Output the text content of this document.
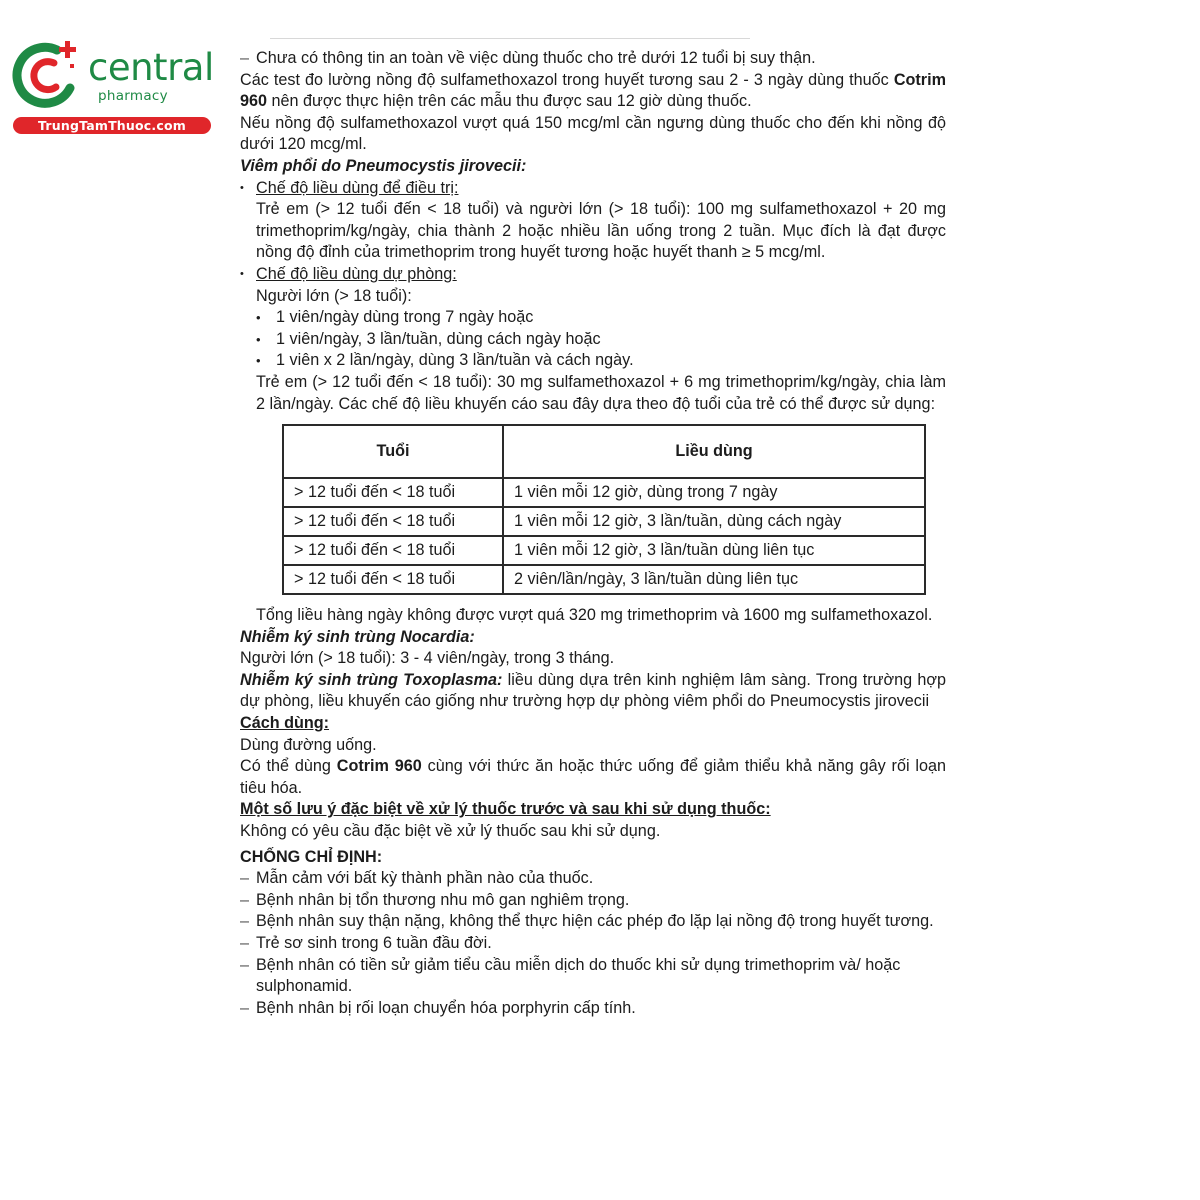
central
pharmacy
TrungTamThuoc.com

– Chưa có thông tin an toàn về việc dùng thuốc cho trẻ dưới 12 tuổi bị suy thận.

Các test đo lường nồng độ sulfamethoxazol trong huyết tương sau 2 - 3 ngày dùng thuốc Cotrim 960 nên được thực hiện trên các mẫu thu được sau 12 giờ dùng thuốc.

Nếu nồng độ sulfamethoxazol vượt quá 150 mcg/ml cần ngưng dùng thuốc cho đến khi nồng độ dưới 120 mcg/ml.

Viêm phổi do Pneumocystis jirovecii:

• Chế độ liều dùng để điều trị:

Trẻ em (> 12 tuổi đến < 18 tuổi) và người lớn (> 18 tuổi): 100 mg sulfamethoxazol + 20 mg trimethoprim/kg/ngày, chia thành 2 hoặc nhiều lần uống trong 2 tuần. Mục đích là đạt được nồng độ đỉnh của trimethoprim trong huyết tương hoặc huyết thanh ≥ 5 mcg/ml.

• Chế độ liều dùng dự phòng:

Người lớn (> 18 tuổi):

• 1 viên/ngày dùng trong 7 ngày hoặc

• 1 viên/ngày, 3 lần/tuần, dùng cách ngày hoặc

• 1 viên x 2 lần/ngày, dùng 3 lần/tuần và cách ngày.

Trẻ em (> 12 tuổi đến < 18 tuổi): 30 mg sulfamethoxazol + 6 mg trimethoprim/kg/ngày, chia làm 2 lần/ngày. Các chế độ liều khuyến cáo sau đây dựa theo độ tuổi của trẻ có thể được sử dụng:

Tuổi	Liều dùng
> 12 tuổi đến < 18 tuổi	1 viên mỗi 12 giờ, dùng trong 7 ngày
> 12 tuổi đến < 18 tuổi	1 viên mỗi 12 giờ, 3 lần/tuần, dùng cách ngày
> 12 tuổi đến < 18 tuổi	1 viên mỗi 12 giờ, 3 lần/tuần dùng liên tục
> 12 tuổi đến < 18 tuổi	2 viên/lần/ngày, 3 lần/tuần dùng liên tục

Tổng liều hàng ngày không được vượt quá 320 mg trimethoprim và 1600 mg sulfamethoxazol.

Nhiễm ký sinh trùng Nocardia:

Người lớn (> 18 tuổi): 3 - 4 viên/ngày, trong 3 tháng.

Nhiễm ký sinh trùng Toxoplasma: liều dùng dựa trên kinh nghiệm lâm sàng. Trong trường hợp dự phòng, liều khuyến cáo giống như trường hợp dự phòng viêm phổi do Pneumocystis jirovecii

Cách dùng:

Dùng đường uống.

Có thể dùng Cotrim 960 cùng với thức ăn hoặc thức uống để giảm thiểu khả năng gây rối loạn tiêu hóa.

Một số lưu ý đặc biệt về xử lý thuốc trước và sau khi sử dụng thuốc:

Không có yêu cầu đặc biệt về xử lý thuốc sau khi sử dụng.

CHỐNG CHỈ ĐỊNH:

– Mẫn cảm với bất kỳ thành phần nào của thuốc.

– Bệnh nhân bị tổn thương nhu mô gan nghiêm trọng.

– Bệnh nhân suy thận nặng, không thể thực hiện các phép đo lặp lại nồng độ trong huyết tương.

– Trẻ sơ sinh trong 6 tuần đầu đời.

– Bệnh nhân có tiền sử giảm tiểu cầu miễn dịch do thuốc khi sử dụng trimethoprim và/ hoặc sulphonamid.

– Bệnh nhân bị rối loạn chuyển hóa porphyrin cấp tính.
